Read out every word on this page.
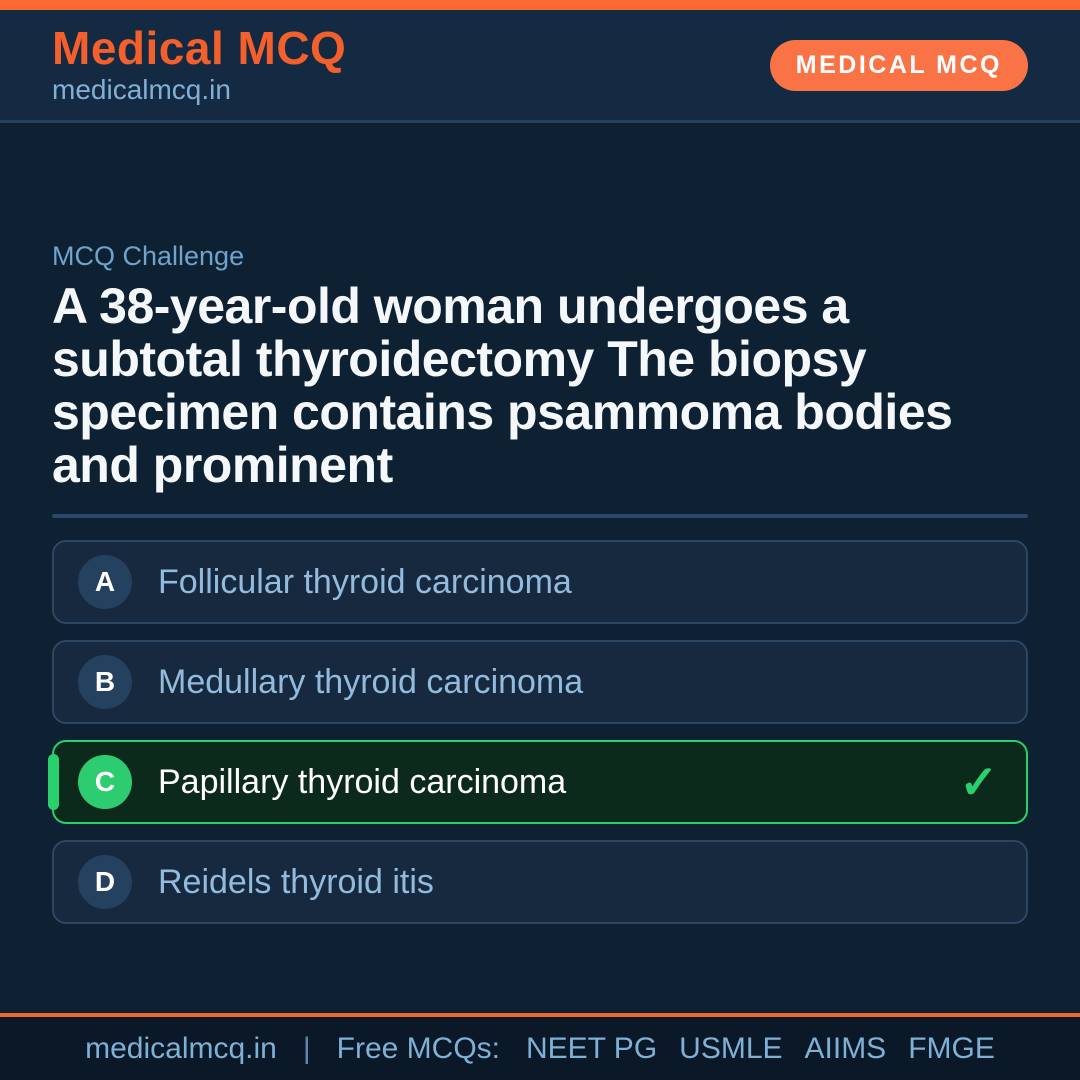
Medical MCQ
medicalmcq.in
MEDICAL MCQ
MCQ Challenge
A 38-year-old woman undergoes a subtotal thyroidectomy The biopsy specimen contains psammoma bodies and prominent
A	Follicular thyroid carcinoma
B	Medullary thyroid carcinoma
C	Papillary thyroid carcinoma	✓
D	Reidels thyroid itis
medicalmcq.in | Free MCQs: NEET PG USMLE AIIMS FMGE
